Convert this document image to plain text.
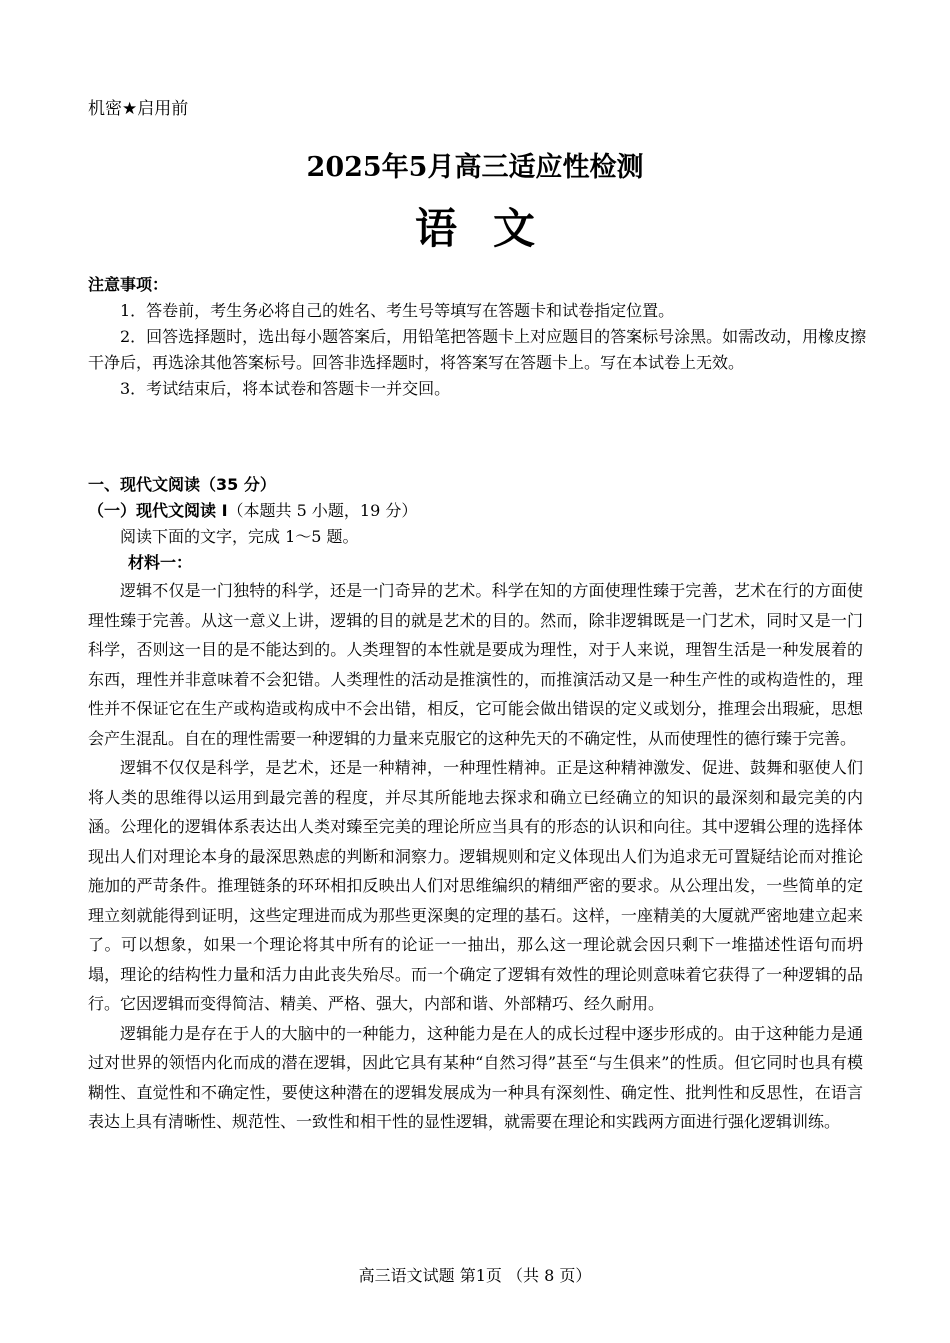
机密★启用前
2025年5月高三适应性检测
语文
注意事项：
1．答卷前，考生务必将自己的姓名、考生号等填写在答题卡和试卷指定位置。
2．回答选择题时，选出每小题答案后，用铅笔把答题卡上对应题目的答案标号涂黑。如需改动，用橡皮擦干净后，再选涂其他答案标号。回答非选择题时，将答案写在答题卡上。写在本试卷上无效。
3．考试结束后，将本试卷和答题卡一并交回。
一、现代文阅读（35 分）
（一）现代文阅读 I（本题共 5 小题，19 分）
阅读下面的文字，完成 1～5 题。
材料一：
逻辑不仅是一门独特的科学，还是一门奇异的艺术。科学在知的方面使理性臻于完善，艺术在行的方面使理性臻于完善。从这一意义上讲，逻辑的目的就是艺术的目的。然而，除非逻辑既是一门艺术，同时又是一门科学，否则这一目的是不能达到的。人类理智的本性就是要成为理性，对于人来说，理智生活是一种发展着的东西，理性并非意味着不会犯错。人类理性的活动是推演性的，而推演活动又是一种生产性的或构造性的，理性并不保证它在生产或构造或构成中不会出错，相反，它可能会做出错误的定义或划分，推理会出瑕疵，思想会产生混乱。自在的理性需要一种逻辑的力量来克服它的这种先天的不确定性，从而使理性的德行臻于完善。
逻辑不仅仅是科学，是艺术，还是一种精神，一种理性精神。正是这种精神激发、促进、鼓舞和驱使人们将人类的思维得以运用到最完善的程度，并尽其所能地去探求和确立已经确立的知识的最深刻和最完美的内涵。公理化的逻辑体系表达出人类对臻至完美的理论所应当具有的形态的认识和向往。其中逻辑公理的选择体现出人们对理论本身的最深思熟虑的判断和洞察力。逻辑规则和定义体现出人们为追求无可置疑结论而对推论施加的严苛条件。推理链条的环环相扣反映出人们对思维编织的精细严密的要求。从公理出发，一些简单的定理立刻就能得到证明，这些定理进而成为那些更深奥的定理的基石。这样，一座精美的大厦就严密地建立起来了。可以想象，如果一个理论将其中所有的论证一一抽出，那么这一理论就会因只剩下一堆描述性语句而坍塌，理论的结构性力量和活力由此丧失殆尽。而一个确定了逻辑有效性的理论则意味着它获得了一种逻辑的品行。它因逻辑而变得简洁、精美、严格、强大，内部和谐、外部精巧、经久耐用。
逻辑能力是存在于人的大脑中的一种能力，这种能力是在人的成长过程中逐步形成的。由于这种能力是通过对世界的领悟内化而成的潜在逻辑，因此它具有某种“自然习得”甚至“与生俱来”的性质。但它同时也具有模糊性、直觉性和不确定性，要使这种潜在的逻辑发展成为一种具有深刻性、确定性、批判性和反思性，在语言表达上具有清晰性、规范性、一致性和相干性的显性逻辑，就需要在理论和实践两方面进行强化逻辑训练。
高三语文试题 第1页 （共 8 页）
